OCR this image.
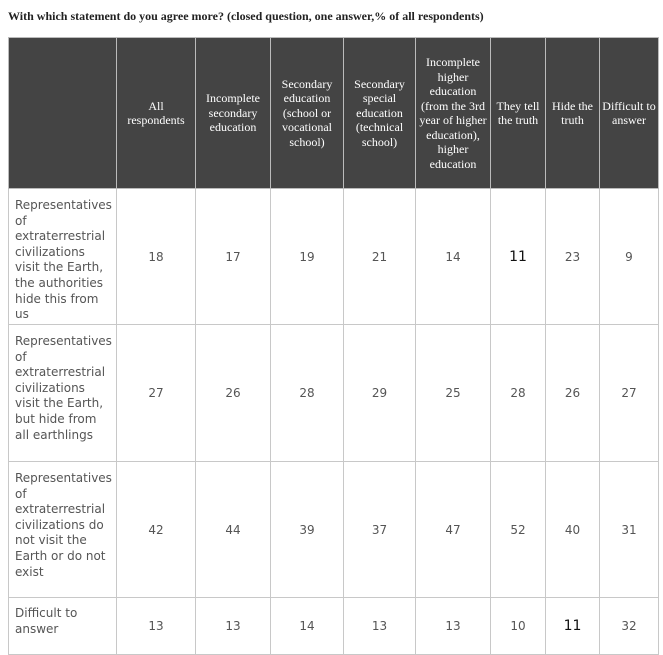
With which statement do you agree more? (closed question, one answer,% of all respondents)
	All respondents	Incomplete secondary education	Secondary education (school or vocational school)	Secondary special education (technical school)	Incomplete higher education (from the 3rd year of higher education), higher education	They tell the truth	Hide the truth	Difficult to answer
Representatives of extraterrestrial civilizations visit the Earth, the authorities hide this from us	18	17	19	21	14	11	23	9
Representatives of extraterrestrial civilizations visit the Earth, but hide from all earthlings	27	26	28	29	25	28	26	27
Representatives of extraterrestrial civilizations do not visit the Earth or do not exist	42	44	39	37	47	52	40	31
Difficult to answer	13	13	14	13	13	10	11	32
